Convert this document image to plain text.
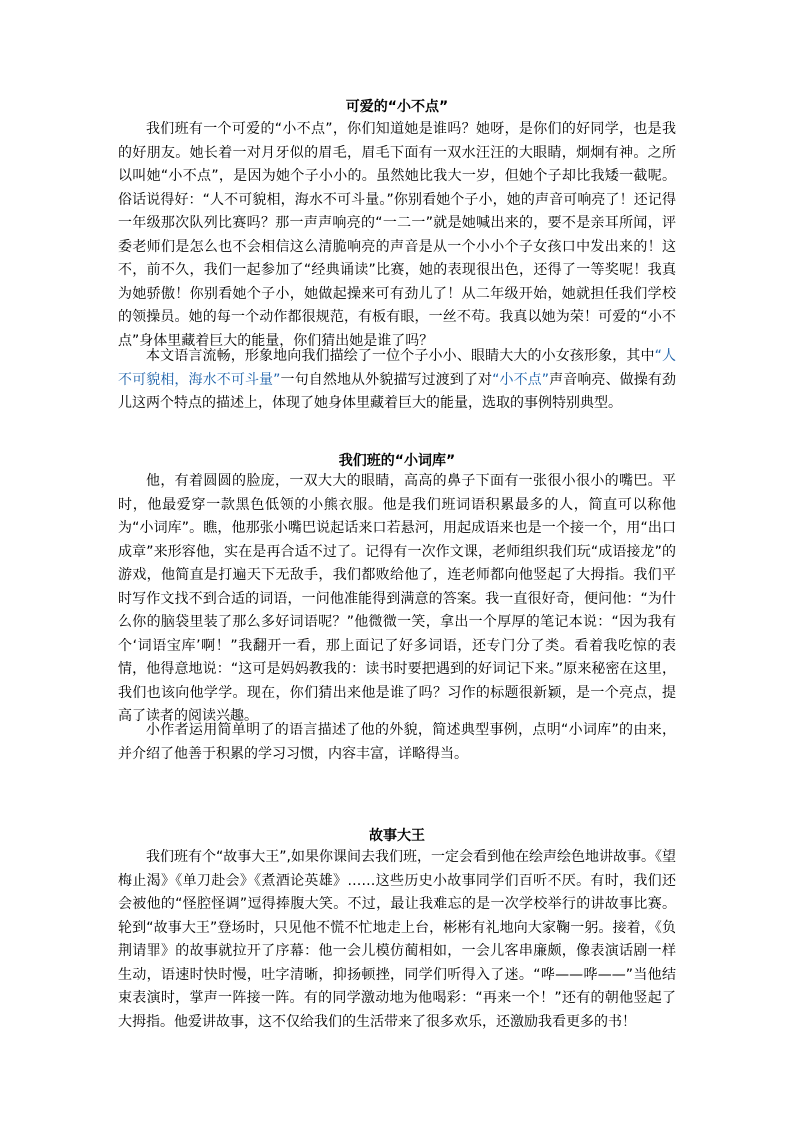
可爱的“小不点”

我们班有一个可爱的“小不点”，你们知道她是谁吗？她呀，是你们的好同学，也是我的好朋友。她长着一对月牙似的眉毛，眉毛下面有一双水汪汪的大眼睛，炯炯有神。之所以叫她“小不点”，是因为她个子小小的。虽然她比我大一岁，但她个子却比我矮一截呢。俗话说得好：“人不可貌相，海水不可斗量。”你别看她个子小，她的声音可响亮了！还记得一年级那次队列比赛吗？那一声声响亮的“一二一”就是她喊出来的，要不是亲耳所闻，评委老师们是怎么也不会相信这么清脆响亮的声音是从一个小小个子女孩口中发出来的！这不，前不久，我们一起参加了“经典诵读”比赛，她的表现很出色，还得了一等奖呢！我真为她骄傲！你别看她个子小，她做起操来可有劲儿了！从二年级开始，她就担任我们学校的领操员。她的每一个动作都很规范，有板有眼，一丝不苟。我真以她为荣！可爱的“小不点”身体里藏着巨大的能量，你们猜出她是谁了吗？

本文语言流畅，形象地向我们描绘了一位个子小小、眼睛大大的小女孩形象，其中“人不可貌相，海水不可斗量”一句自然地从外貌描写过渡到了对“小不点”声音响亮、做操有劲儿这两个特点的描述上，体现了她身体里藏着巨大的能量，选取的事例特别典型。

我们班的“小词库”

他，有着圆圆的脸庞，一双大大的眼睛，高高的鼻子下面有一张很小很小的嘴巴。平时，他最爱穿一款黑色低领的小熊衣服。他是我们班词语积累最多的人，简直可以称他为“小词库”。瞧，他那张小嘴巴说起话来口若悬河，用起成语来也是一个接一个，用“出口成章”来形容他，实在是再合适不过了。记得有一次作文课，老师组织我们玩“成语接龙”的游戏，他简直是打遍天下无敌手，我们都败给他了，连老师都向他竖起了大拇指。我们平时写作文找不到合适的词语，一问他准能得到满意的答案。我一直很好奇，便问他：“为什么你的脑袋里装了那么多好词语呢？”他微微一笑，拿出一个厚厚的笔记本说：“因为我有个‘词语宝库’啊！”我翻开一看，那上面记了好多词语，还专门分了类。看着我吃惊的表情，他得意地说：“这可是妈妈教我的：读书时要把遇到的好词记下来。”原来秘密在这里，我们也该向他学学。现在，你们猜出来他是谁了吗？习作的标题很新颖，是一个亮点，提高了读者的阅读兴趣。

小作者运用简单明了的语言描述了他的外貌，简述典型事例，点明“小词库”的由来，并介绍了他善于积累的学习习惯，内容丰富，详略得当。

故事大王

我们班有个“故事大王”,如果你课间去我们班，一定会看到他在绘声绘色地讲故事。《望梅止渴》《单刀赴会》《煮酒论英雄》……这些历史小故事同学们百听不厌。有时，我们还会被他的“怪腔怪调”逗得捧腹大笑。不过，最让我难忘的是一次学校举行的讲故事比赛。轮到“故事大王”登场时，只见他不慌不忙地走上台，彬彬有礼地向大家鞠一躬。接着，《负荆请罪》的故事就拉开了序幕：他一会儿模仿蔺相如，一会儿客串廉颇，像表演话剧一样生动，语速时快时慢，吐字清晰，抑扬顿挫，同学们听得入了迷。“哗——哗——”当他结束表演时，掌声一阵接一阵。有的同学激动地为他喝彩：“再来一个！”还有的朝他竖起了大拇指。他爱讲故事，这不仅给我们的生活带来了很多欢乐，还激励我看更多的书！
